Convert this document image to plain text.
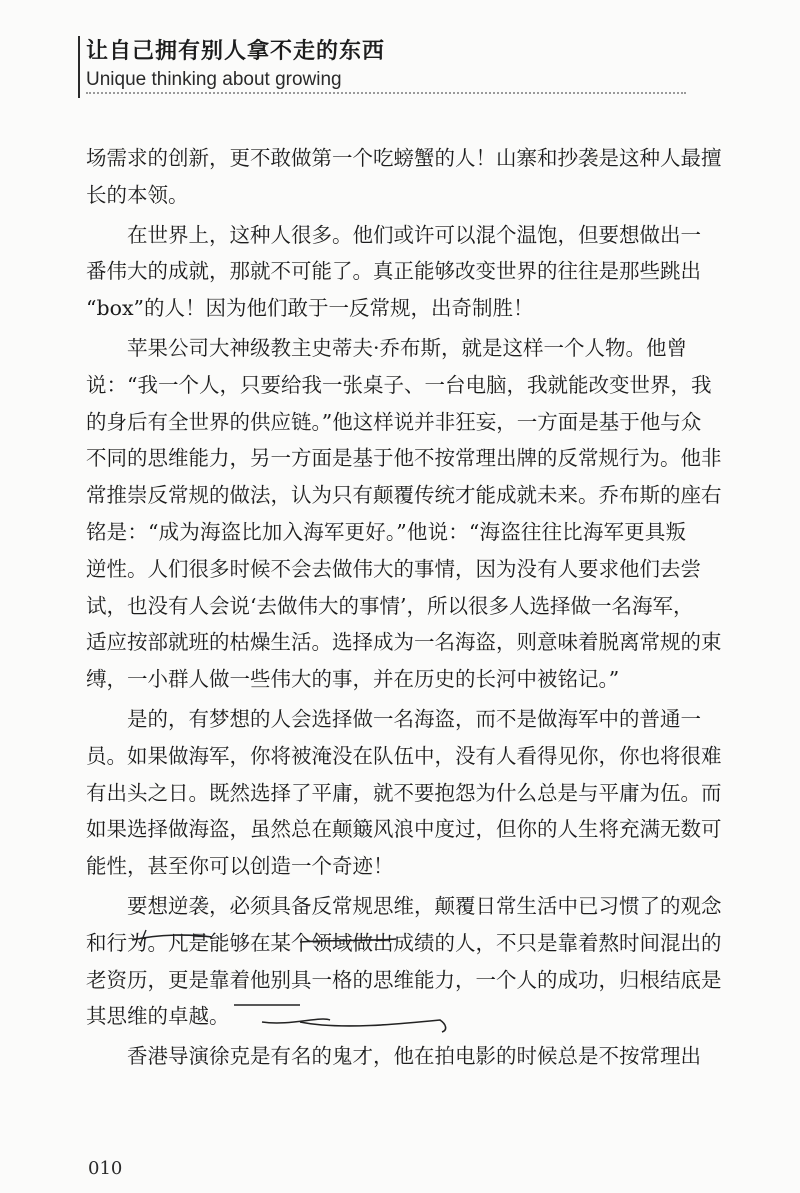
让自己拥有别人拿不走的东西
Unique thinking about growing
场需求的创新，更不敢做第一个吃螃蟹的人！山寨和抄袭是这种人最擅
长的本领。
在世界上，这种人很多。他们或许可以混个温饱，但要想做出一
番伟大的成就，那就不可能了。真正能够改变世界的往往是那些跳出
“box”的人！因为他们敢于一反常规，出奇制胜！
苹果公司大神级教主史蒂夫·乔布斯，就是这样一个人物。他曾
说：“我一个人，只要给我一张桌子、一台电脑，我就能改变世界，我
的身后有全世界的供应链。”他这样说并非狂妄，一方面是基于他与众
不同的思维能力，另一方面是基于他不按常理出牌的反常规行为。他非
常推崇反常规的做法，认为只有颠覆传统才能成就未来。乔布斯的座右
铭是：“成为海盗比加入海军更好。”他说：“海盗往往比海军更具叛
逆性。人们很多时候不会去做伟大的事情，因为没有人要求他们去尝
试，也没有人会说‘去做伟大的事情’，所以很多人选择做一名海军，
适应按部就班的枯燥生活。选择成为一名海盗，则意味着脱离常规的束
缚，一小群人做一些伟大的事，并在历史的长河中被铭记。”
是的，有梦想的人会选择做一名海盗，而不是做海军中的普通一
员。如果做海军，你将被淹没在队伍中，没有人看得见你，你也将很难
有出头之日。既然选择了平庸，就不要抱怨为什么总是与平庸为伍。而
如果选择做海盗，虽然总在颠簸风浪中度过，但你的人生将充满无数可
能性，甚至你可以创造一个奇迹！
要想逆袭，必须具备反常规思维，颠覆日常生活中已习惯了的观念
和行为。凡是能够在某个领域做出成绩的人，不只是靠着熬时间混出的
老资历，更是靠着他别具一格的思维能力，一个人的成功，归根结底是
其思维的卓越。
香港导演徐克是有名的鬼才，他在拍电影的时候总是不按常理出
010
